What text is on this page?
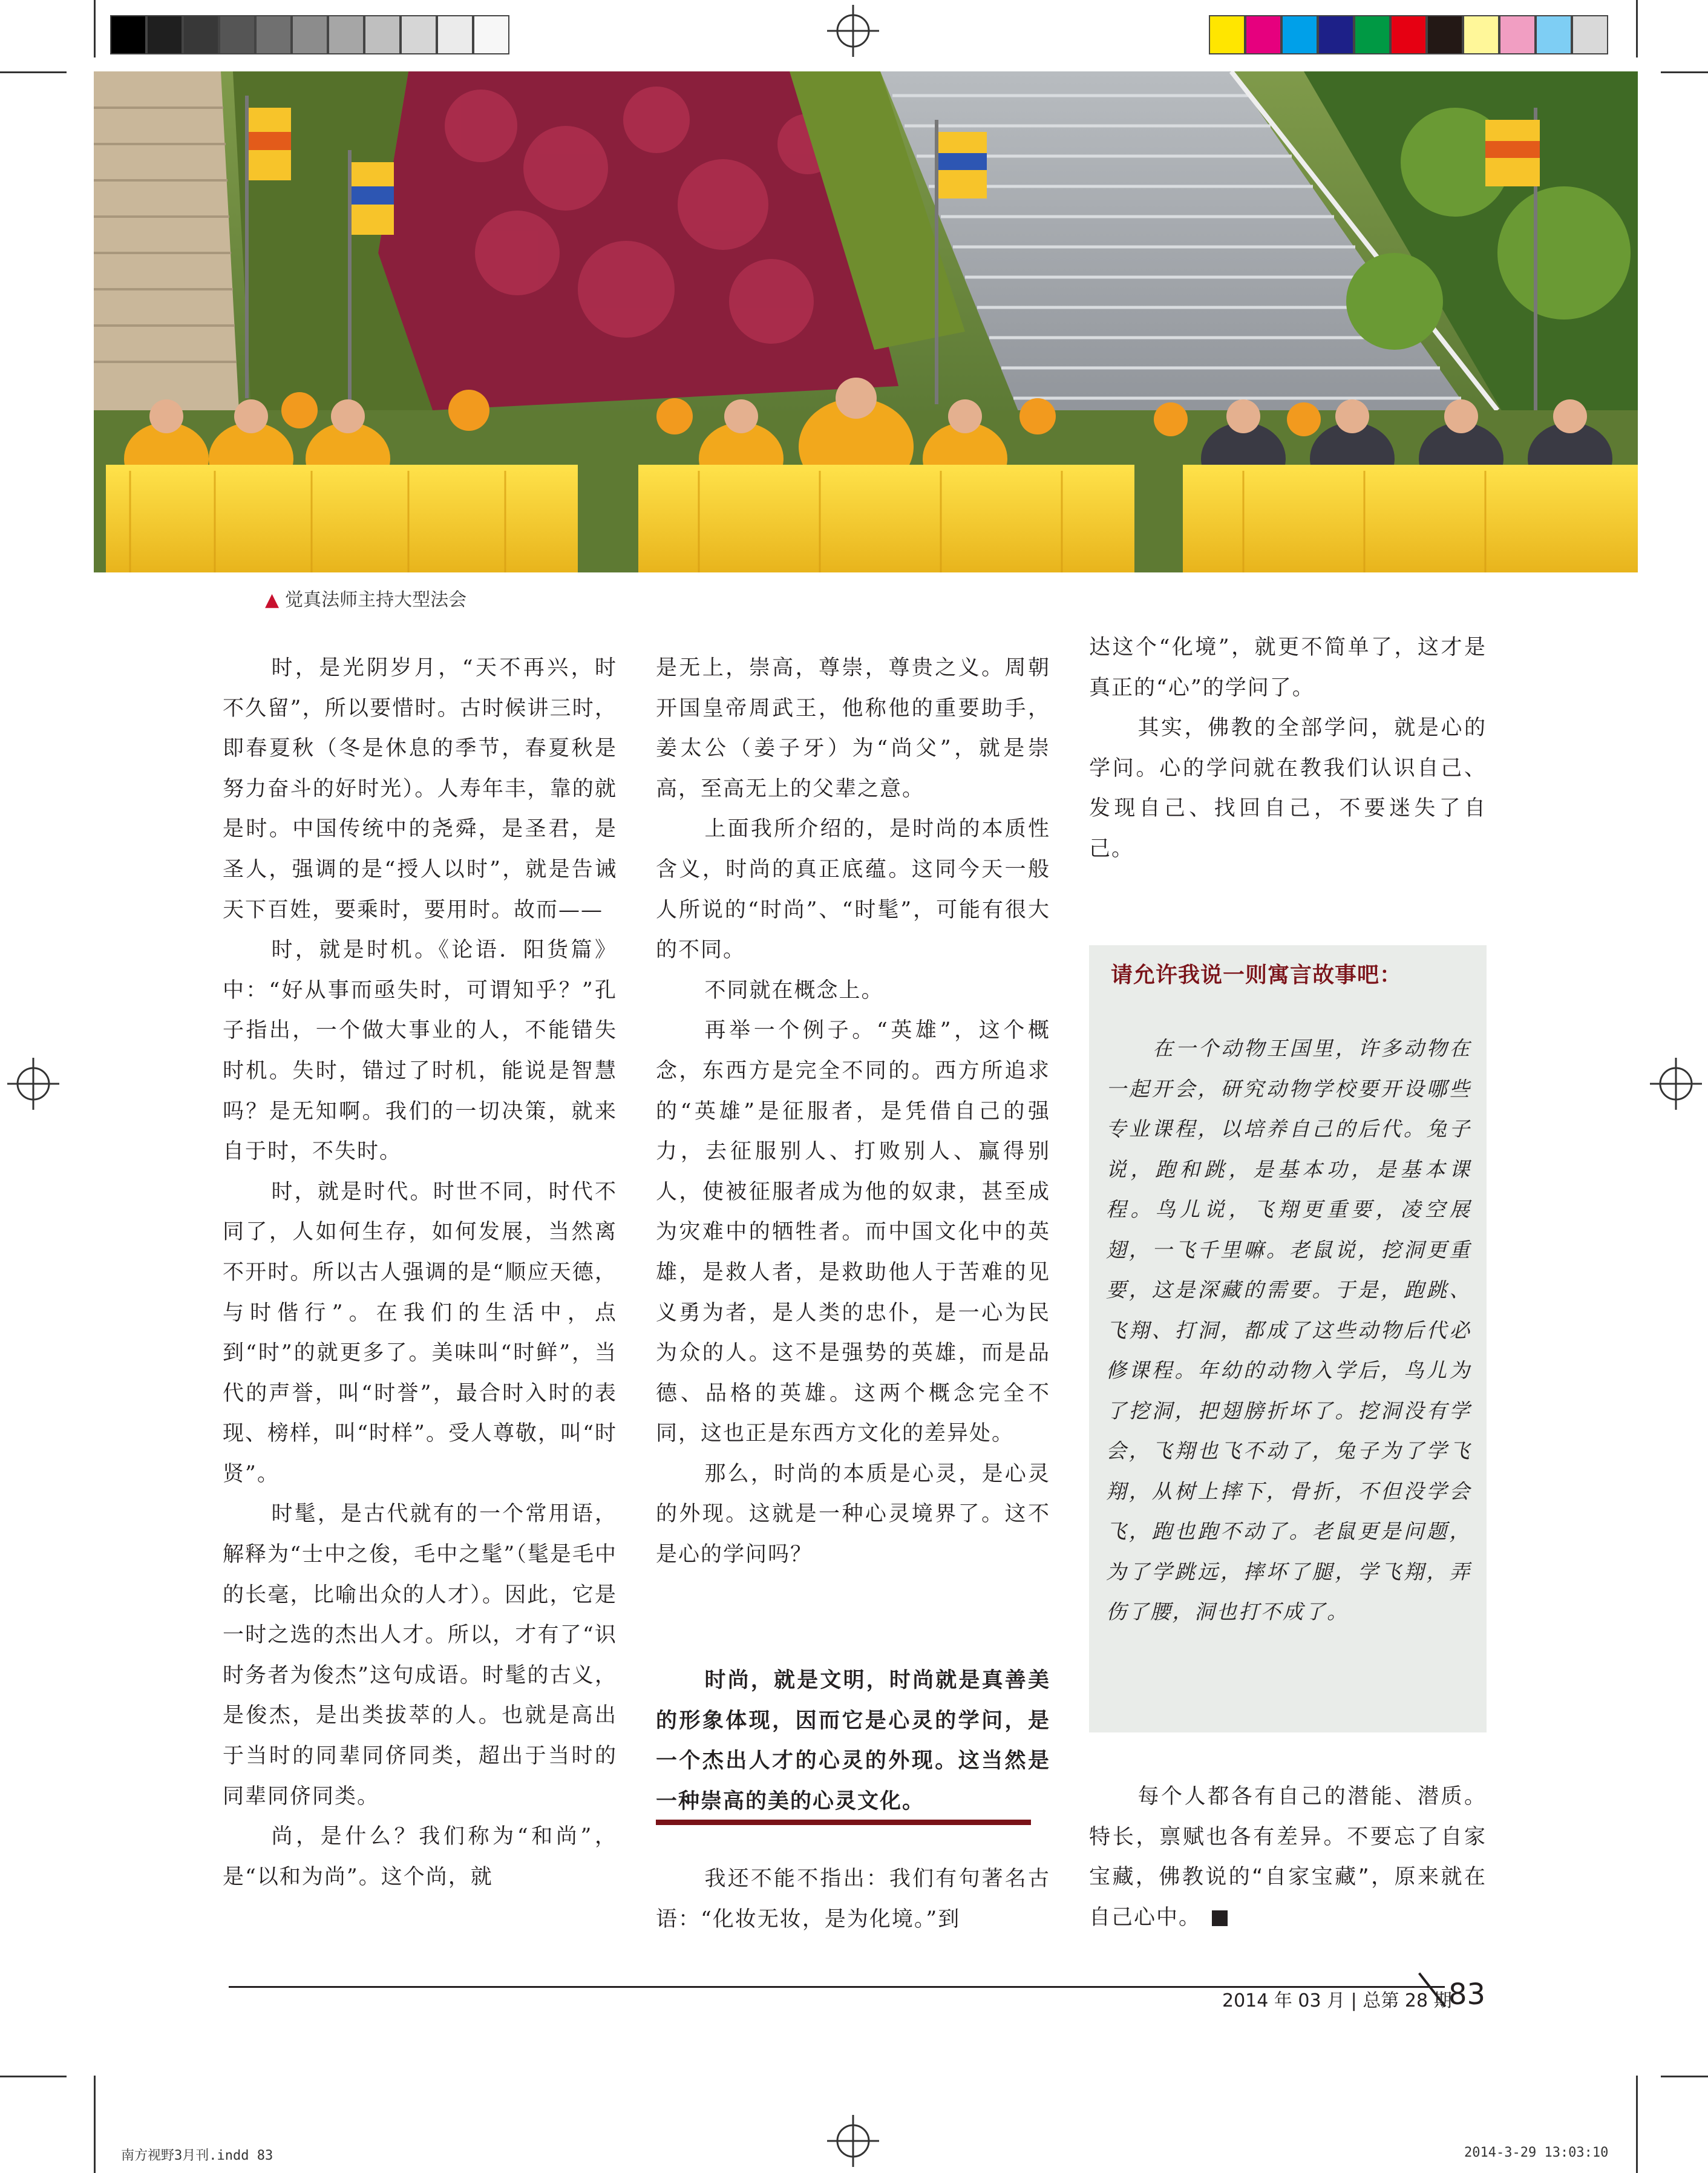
▲ 觉真法师主持大型法会

时，是光阴岁月，“天不再兴，时不久留”，所以要惜时。古时候讲三时，即春夏秋（冬是休息的季节，春夏秋是努力奋斗的好时光）。人寿年丰，靠的就是时。中国传统中的尧舜，是圣君，是圣人，强调的是“授人以时”，就是告诫天下百姓，要乘时，要用时。故而——

时，就是时机。《论语．阳货篇》中：“好从事而亟失时，可谓知乎？”孔子指出，一个做大事业的人，不能错失时机。失时，错过了时机，能说是智慧吗？是无知啊。我们的一切决策，就来自于时，不失时。

时，就是时代。时世不同，时代不同了，人如何生存，如何发展，当然离不开时。所以古人强调的是“顺应天德，与时偕行”。在我们的生活中，点到“时”的就更多了。美味叫“时鲜”，当代的声誉，叫“时誉”，最合时入时的表现、榜样，叫“时样”。受人尊敬，叫“时贤”。

时髦，是古代就有的一个常用语，解释为“士中之俊，毛中之髦”（髦是毛中的长毫，比喻出众的人才）。因此，它是一时之选的杰出人才。所以，才有了“识时务者为俊杰”这句成语。时髦的古义，是俊杰，是出类拔萃的人。也就是高出于当时的同辈同侪同类，超出于当时的同辈同侪同类。

尚，是什么？我们称为“和尚”，是“以和为尚”。这个尚，就

是无上，崇高，尊崇，尊贵之义。周朝开国皇帝周武王，他称他的重要助手，姜太公（姜子牙）为“尚父”，就是崇高，至高无上的父辈之意。

上面我所介绍的，是时尚的本质性含义，时尚的真正底蕴。这同今天一般人所说的“时尚”、“时髦”，可能有很大的不同。

不同就在概念上。

再举一个例子。“英雄”，这个概念，东西方是完全不同的。西方所追求的“英雄”是征服者，是凭借自己的强力，去征服别人、打败别人、赢得别人，使被征服者成为他的奴隶，甚至成为灾难中的牺牲者。而中国文化中的英雄，是救人者，是救助他人于苦难的见义勇为者，是人类的忠仆，是一心为民为众的人。这不是强势的英雄，而是品德、品格的英雄。这两个概念完全不同，这也正是东西方文化的差异处。

那么，时尚的本质是心灵，是心灵的外现。这就是一种心灵境界了。这不是心的学问吗？

时尚，就是文明，时尚就是真善美的形象体现，因而它是心灵的学问，是一个杰出人才的心灵的外现。这当然是一种崇高的美的心灵文化。

我还不能不指出：我们有句著名古语：“化妆无妆，是为化境。”到

达这个“化境”，就更不简单了，这才是真正的“心”的学问了。

其实，佛教的全部学问，就是心的学问。心的学问就在教我们认识自己、发现自己、找回自己，不要迷失了自己。

请允许我说一则寓言故事吧：

在一个动物王国里，许多动物在一起开会，研究动物学校要开设哪些专业课程，以培养自己的后代。兔子说，跑和跳，是基本功，是基本课程。鸟儿说，飞翔更重要，凌空展翅，一飞千里嘛。老鼠说，挖洞更重要，这是深藏的需要。于是，跑跳、飞翔、打洞，都成了这些动物后代必修课程。年幼的动物入学后，鸟儿为了挖洞，把翅膀折坏了。挖洞没有学会，飞翔也飞不动了，兔子为了学飞翔，从树上摔下，骨折，不但没学会飞，跑也跑不动了。老鼠更是问题，为了学跳远，摔坏了腿，学飞翔，弄伤了腰，洞也打不成了。

每个人都各有自己的潜能、潜质。特长，禀赋也各有差异。不要忘了自家宝藏，佛教说的“自家宝藏”，原来就在自己心中。	V

2014 年 03 月 | 总第 28 期
83
南方视野3月刊.indd 83	2014-3-29 13:03:10
